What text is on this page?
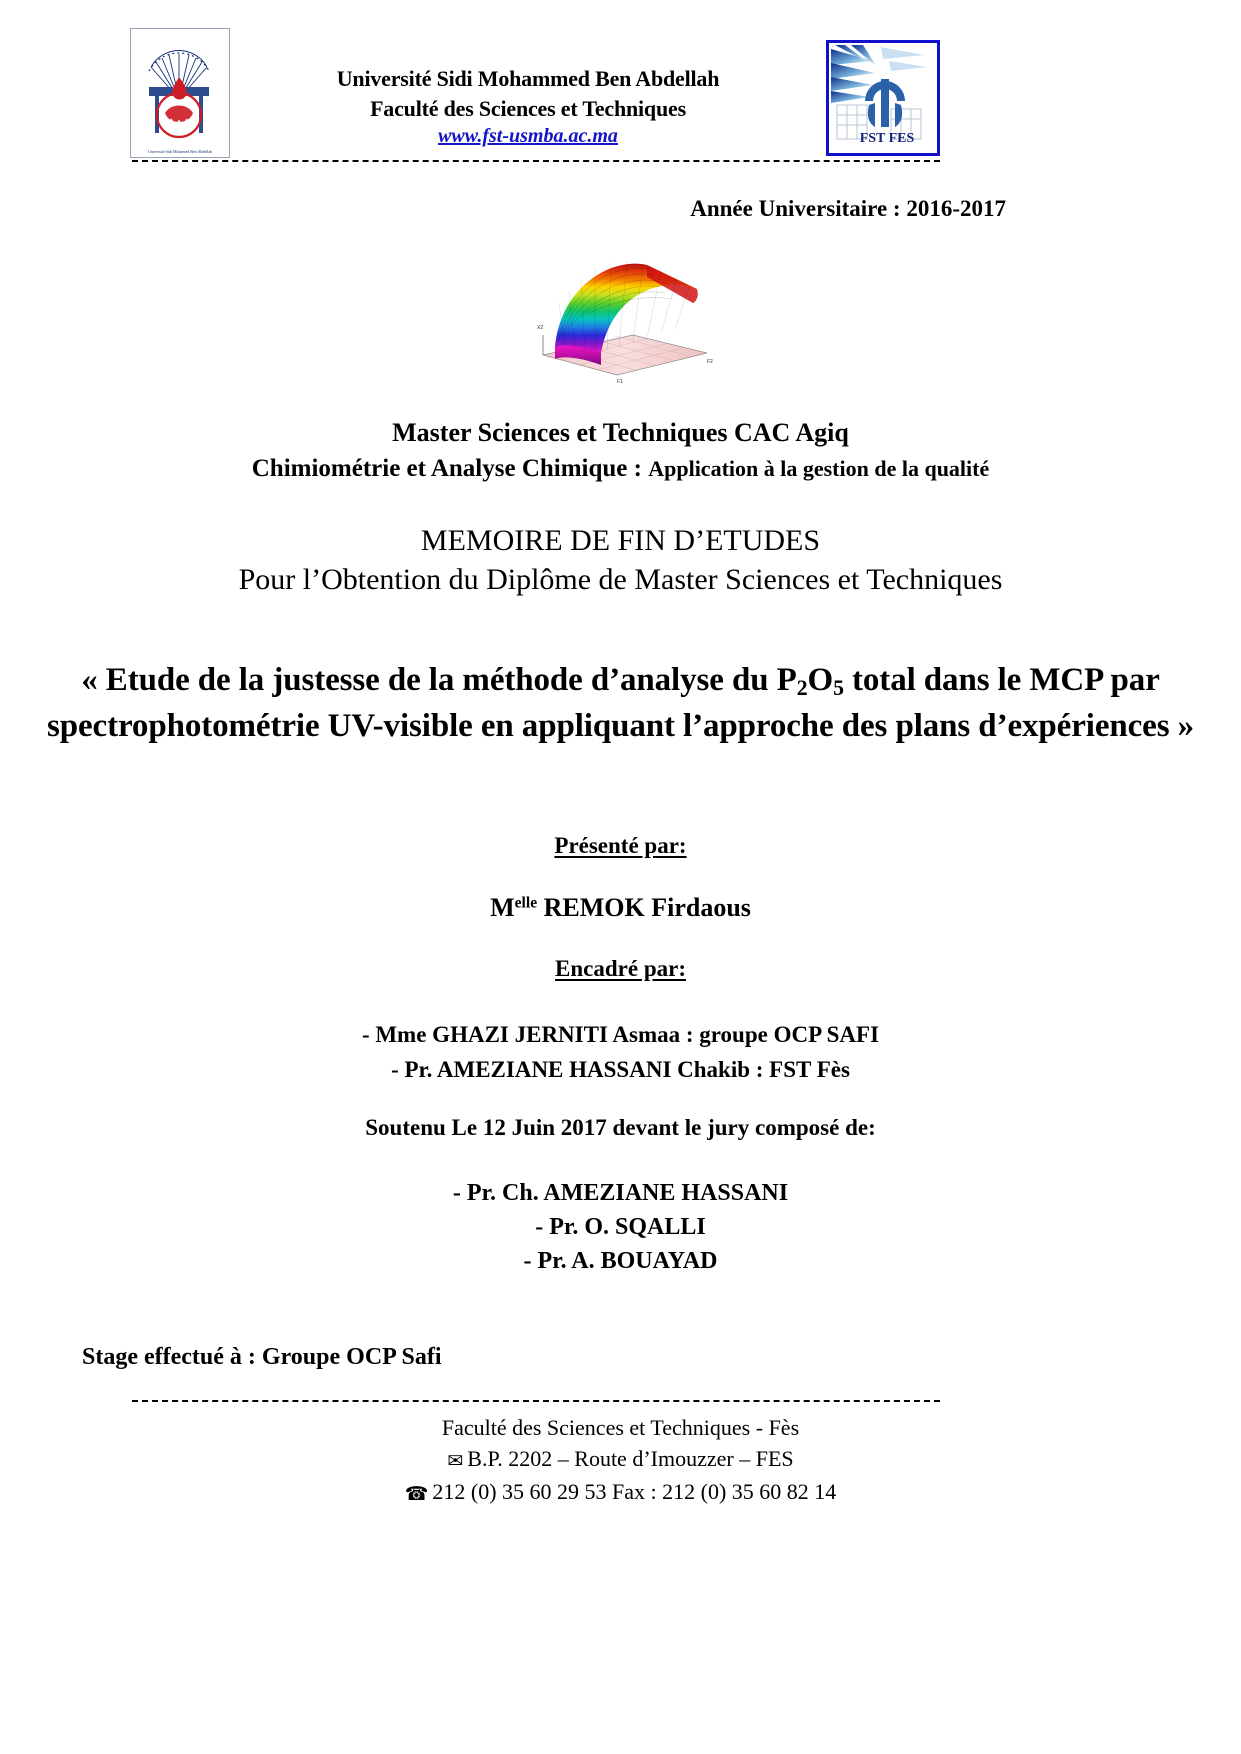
Université Sidi Mohamed Ben Abdellah
Université Sidi Mohammed Ben Abdellah
Faculté des Sciences et Techniques
www.fst-usmba.ac.ma	FST FES
Année Universitaire : 2016-2017
X2
F1
F2
Master Sciences et Techniques CAC Agiq
Chimiométrie et Analyse Chimique : Application à la gestion de la qualité
MEMOIRE DE FIN D’ETUDES
Pour l’Obtention du Diplôme de Master Sciences et Techniques
« Etude de la justesse de la méthode d’analyse du $P_2O_5$ total dans le MCP par spectrophotométrie UV-visible en appliquant l’approche des plans d’expériences »
Présenté par:
$M^{elle}$ REMOK Firdaous
Encadré par:
- Mme GHAZI JERNITI Asmaa : groupe OCP SAFI
- Pr. AMEZIANE HASSANI Chakib : FST Fès
Soutenu Le 12 Juin 2017 devant le jury composé de:
- Pr. Ch. AMEZIANE HASSANI
- Pr. O. SQALLI
- Pr. A. BOUAYAD
Stage effectué à : Groupe OCP Safi
Faculté des Sciences et Techniques - Fès
✉ B.P. 2202 – Route d’Imouzzer – FES
☎ 212 (0) 35 60 29 53 Fax : 212 (0) 35 60 82 14
